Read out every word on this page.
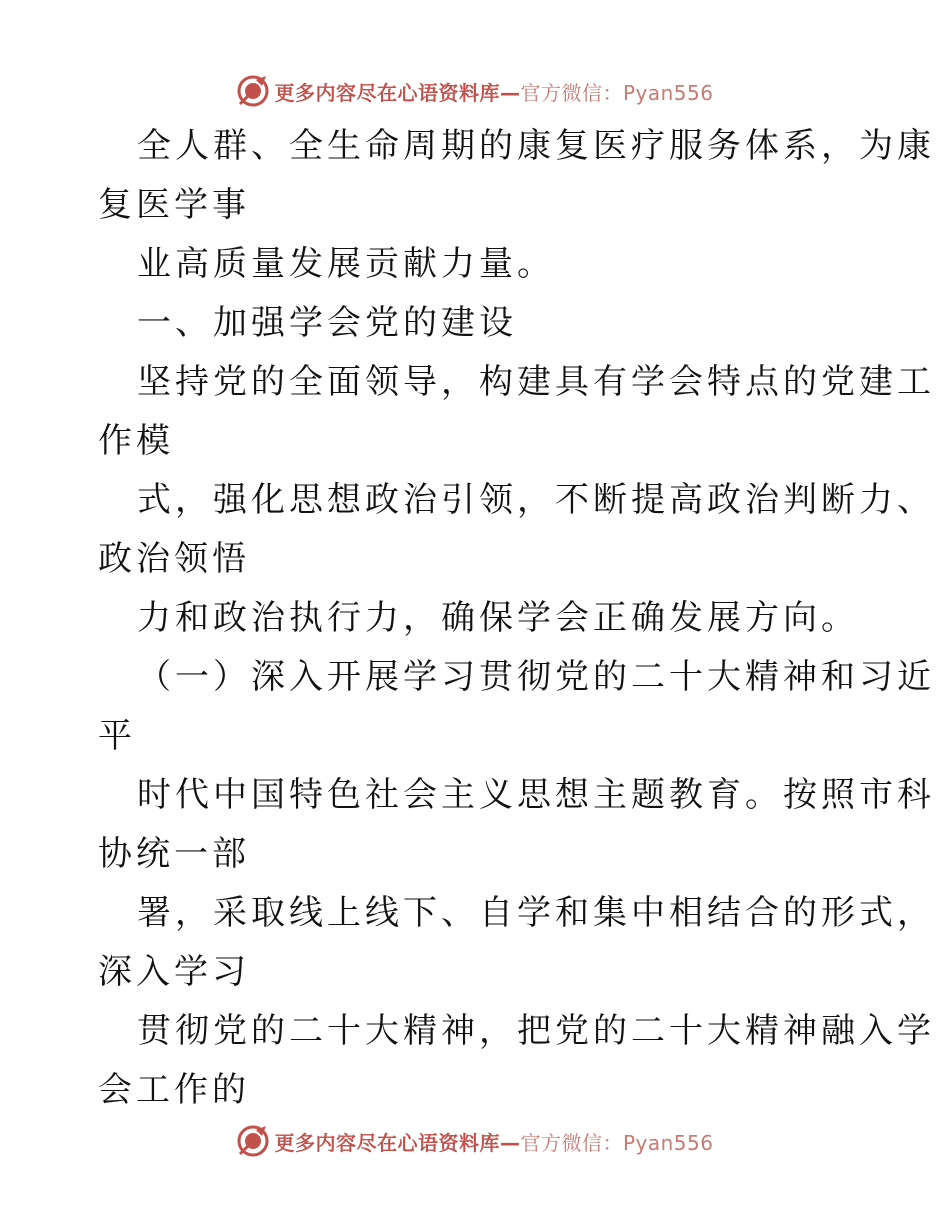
更多内容尽在心语资料库—官方微信：Pyan556
全人群、全生命周期的康复医疗服务体系，为康
复医学事
业高质量发展贡献力量。
一、加强学会党的建设
坚持党的全面领导，构建具有学会特点的党建工
作模
式，强化思想政治引领，不断提高政治判断力、
政治领悟
力和政治执行力，确保学会正确发展方向。
（一）深入开展学习贯彻党的二十大精神和习近
平
时代中国特色社会主义思想主题教育。按照市科
协统一部
署，采取线上线下、自学和集中相结合的形式，
深入学习
贯彻党的二十大精神，把党的二十大精神融入学
会工作的
更多内容尽在心语资料库—官方微信：Pyan556
